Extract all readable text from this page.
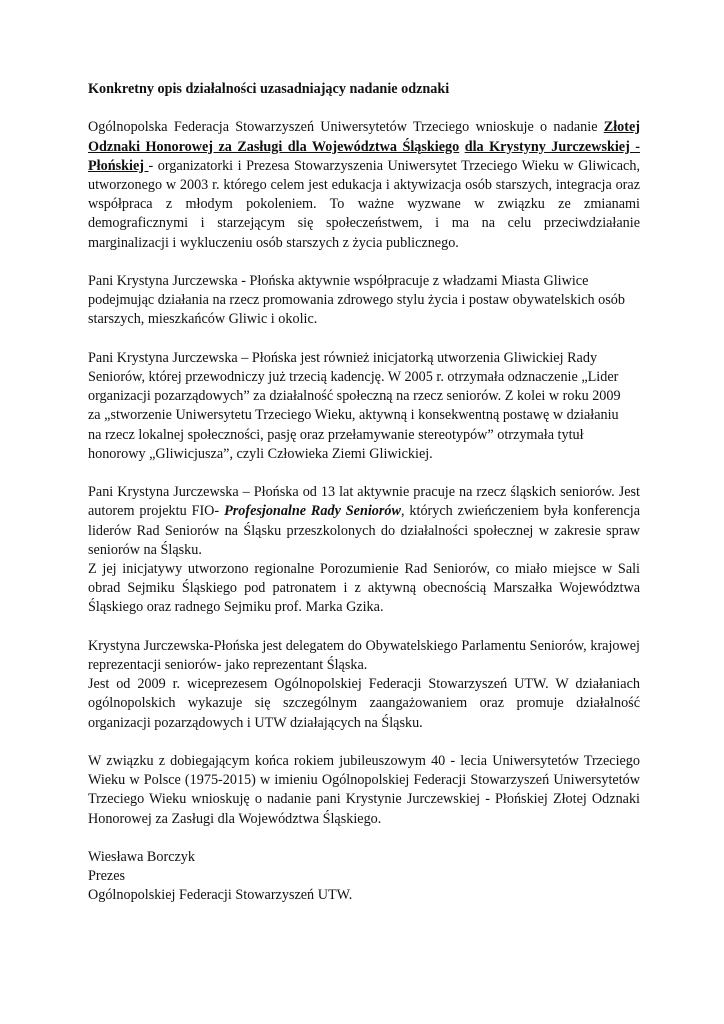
Konkretny opis działalności uzasadniający nadanie odznaki

Ogólnopolska Federacja Stowarzyszeń Uniwersytetów Trzeciego wnioskuje o nadanie Złotej Odznaki Honorowej za Zasługi dla Województwa Śląskiego dla Krystyny Jurczewskiej - Płońskiej - organizatorki i Prezesa Stowarzyszenia Uniwersytet Trzeciego Wieku w Gliwicach, utworzonego w 2003 r. którego celem jest edukacja i aktywizacja osób starszych, integracja oraz współpraca z młodym pokoleniem. To ważne wyzwane w związku ze zmianami demograficznymi i starzejącym się społeczeństwem, i ma na celu przeciwdziałanie marginalizacji i wykluczeniu osób starszych z życia publicznego.

Pani Krystyna Jurczewska - Płońska aktywnie współpracuje z władzami Miasta Gliwice podejmując działania na rzecz promowania zdrowego stylu życia i postaw obywatelskich osób starszych, mieszkańców Gliwic i okolic.

Pani Krystyna Jurczewska – Płońska jest również inicjatorką utworzenia Gliwickiej Rady
Seniorów, której przewodniczy już trzecią kadencję. W 2005 r. otrzymała odznaczenie „Lider
organizacji pozarządowych” za działalność społeczną na rzecz seniorów. Z kolei w roku 2009
za „stworzenie Uniwersytetu Trzeciego Wieku, aktywną i konsekwentną postawę w działaniu
na rzecz lokalnej społeczności, pasję oraz przełamywanie stereotypów” otrzymała tytuł
honorowy „Gliwicjusza”, czyli Człowieka Ziemi Gliwickiej.

Pani Krystyna Jurczewska – Płońska od 13 lat aktywnie pracuje na rzecz śląskich seniorów. Jest autorem projektu FIO- Profesjonalne Rady Seniorów, których zwieńczeniem była konferencja liderów Rad Seniorów na Śląsku przeszkolonych do działalności społecznej w zakresie spraw seniorów na Śląsku.
Z jej inicjatywy utworzono regionalne Porozumienie Rad Seniorów, co miało miejsce w Sali obrad Sejmiku Śląskiego pod patronatem i z aktywną obecnością Marszałka Województwa Śląskiego oraz radnego Sejmiku prof. Marka Gzika.

Krystyna Jurczewska-Płońska jest delegatem do Obywatelskiego Parlamentu Seniorów, krajowej reprezentacji seniorów- jako reprezentant Śląska.
Jest od 2009 r. wiceprezesem Ogólnopolskiej Federacji Stowarzyszeń UTW. W działaniach ogólnopolskich wykazuje się szczególnym zaangażowaniem oraz promuje działalność organizacji pozarządowych i UTW działających na Śląsku.

W związku z dobiegającym końca rokiem jubileuszowym 40 - lecia Uniwersytetów Trzeciego Wieku w Polsce (1975-2015) w imieniu Ogólnopolskiej Federacji Stowarzyszeń Uniwersytetów Trzeciego Wieku wnioskuję o nadanie pani Krystynie Jurczewskiej - Płońskiej Złotej Odznaki Honorowej za Zasługi dla Województwa Śląskiego.

Wiesława Borczyk
Prezes
Ogólnopolskiej Federacji Stowarzyszeń UTW.
